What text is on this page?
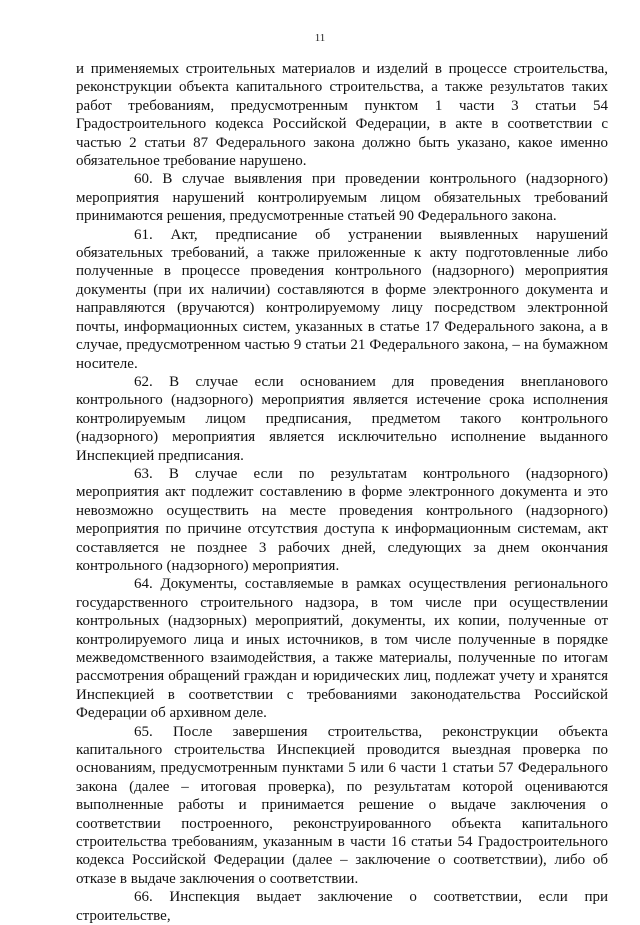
11

и применяемых строительных материалов и изделий в процессе строительства, реконструкции объекта капитального строительства, а также результатов таких работ требованиям, предусмотренным пунктом 1 части 3 статьи 54 Градостроительного кодекса Российской Федерации, в акте в соответствии с частью 2 статьи 87 Федерального закона должно быть указано, какое именно обязательное требование нарушено.

60. В случае выявления при проведении контрольного (надзорного) мероприятия нарушений контролируемым лицом обязательных требований принимаются решения, предусмотренные статьей 90 Федерального закона.

61. Акт, предписание об устранении выявленных нарушений обязательных требований, а также приложенные к акту подготовленные либо полученные в процессе проведения контрольного (надзорного) мероприятия документы (при их наличии) составляются в форме электронного документа и направляются (вручаются) контролируемому лицу посредством электронной почты, информационных систем, указанных в статье 17 Федерального закона, а в случае, предусмотренном частью 9 статьи 21 Федерального закона, – на бумажном носителе.

62. В случае если основанием для проведения внепланового контрольного (надзорного) мероприятия является истечение срока исполнения контролируемым лицом предписания, предметом такого контрольного (надзорного) мероприятия является исключительно исполнение выданного Инспекцией предписания.

63. В случае если по результатам контрольного (надзорного) мероприятия акт подлежит составлению в форме электронного документа и это невозможно осуществить на месте проведения контрольного (надзорного) мероприятия по причине отсутствия доступа к информационным системам, акт составляется не позднее 3 рабочих дней, следующих за днем окончания контрольного (надзорного) мероприятия.

64. Документы, составляемые в рамках осуществления регионального государственного строительного надзора, в том числе при осуществлении контрольных (надзорных) мероприятий, документы, их копии, полученные от контролируемого лица и иных источников, в том числе полученные в порядке межведомственного взаимодействия, а также материалы, полученные по итогам рассмотрения обращений граждан и юридических лиц, подлежат учету и хранятся Инспекцией в соответствии с требованиями законодательства Российской Федерации об архивном деле.

65. После завершения строительства, реконструкции объекта капитального строительства Инспекцией проводится выездная проверка по основаниям, предусмотренным пунктами 5 или 6 части 1 статьи 57 Федерального закона (далее – итоговая проверка), по результатам которой оцениваются выполненные работы и принимается решение о выдаче заключения о соответствии построенного, реконструированного объекта капитального строительства требованиям, указанным в части 16 статьи 54 Градостроительного кодекса Российской Федерации (далее – заключение о соответствии), либо об отказе в выдаче заключения о соответствии.

66. Инспекция выдает заключение о соответствии, если при строительстве,
